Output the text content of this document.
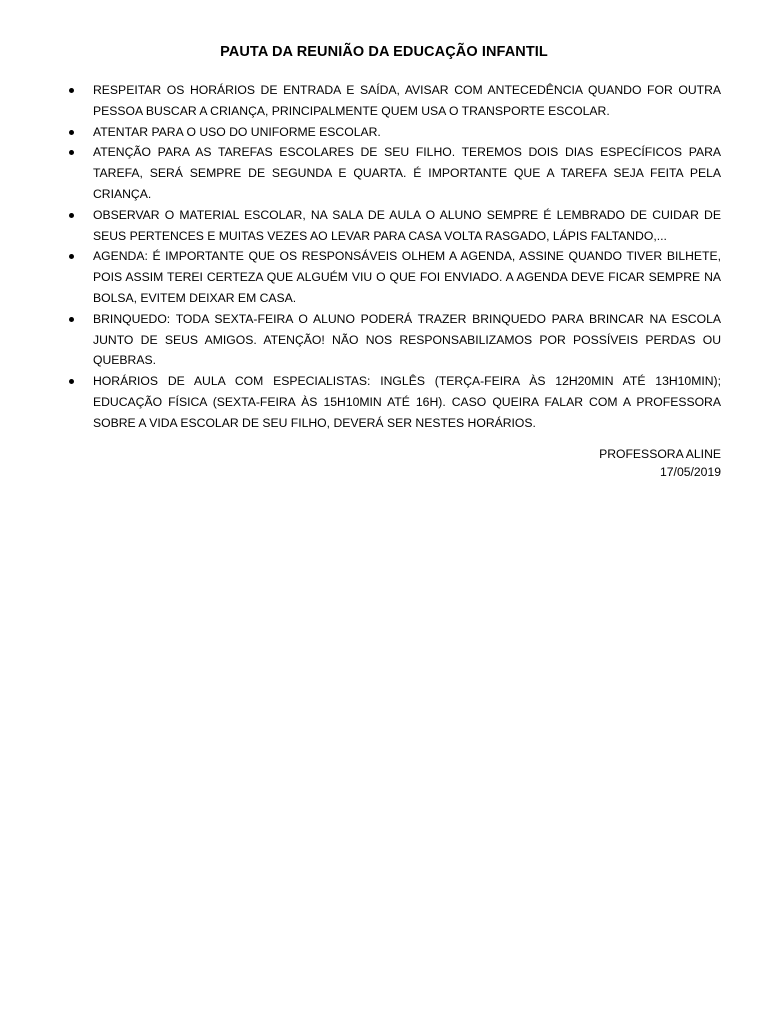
PAUTA DA REUNIÃO DA EDUCAÇÃO INFANTIL
RESPEITAR OS HORÁRIOS DE ENTRADA E SAÍDA, AVISAR COM ANTECEDÊNCIA QUANDO FOR OUTRA PESSOA BUSCAR A CRIANÇA, PRINCIPALMENTE QUEM USA O TRANSPORTE ESCOLAR.
ATENTAR PARA O USO DO UNIFORME ESCOLAR.
ATENÇÃO PARA AS TAREFAS ESCOLARES DE SEU FILHO. TEREMOS DOIS DIAS ESPECÍFICOS PARA TAREFA, SERÁ SEMPRE DE SEGUNDA E QUARTA. É IMPORTANTE QUE A TAREFA SEJA FEITA PELA CRIANÇA.
OBSERVAR O MATERIAL ESCOLAR, NA SALA DE AULA O ALUNO SEMPRE É LEMBRADO DE CUIDAR DE SEUS PERTENCES E MUITAS VEZES AO LEVAR PARA CASA VOLTA RASGADO, LÁPIS FALTANDO,...
AGENDA: É IMPORTANTE QUE OS RESPONSÁVEIS OLHEM A AGENDA, ASSINE QUANDO TIVER BILHETE, POIS ASSIM TEREI CERTEZA QUE ALGUÉM VIU O QUE FOI ENVIADO. A AGENDA DEVE FICAR SEMPRE NA BOLSA, EVITEM DEIXAR EM CASA.
BRINQUEDO: TODA SEXTA-FEIRA O ALUNO PODERÁ TRAZER BRINQUEDO PARA BRINCAR NA ESCOLA JUNTO DE SEUS AMIGOS. ATENÇÃO! NÃO NOS RESPONSABILIZAMOS POR POSSÍVEIS PERDAS OU QUEBRAS.
HORÁRIOS DE AULA COM ESPECIALISTAS: INGLÊS (TERÇA-FEIRA ÀS 12H20MIN ATÉ 13H10MIN); EDUCAÇÃO FÍSICA (SEXTA-FEIRA ÀS 15H10MIN ATÉ 16H). CASO QUEIRA FALAR COM A PROFESSORA SOBRE A VIDA ESCOLAR DE SEU FILHO, DEVERÁ SER NESTES HORÁRIOS.
PROFESSORA ALINE
17/05/2019
